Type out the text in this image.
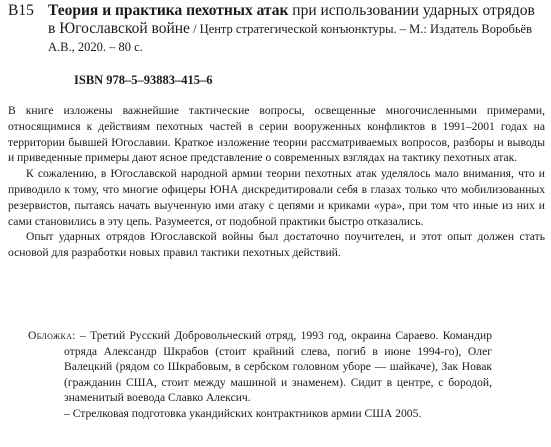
В15 Теория и практика пехотных атак при использовании ударных отрядов в Югославской войне / Центр стратегической конъюнктуры. – М.: Издатель Воробьёв А.В., 2020. – 80 с.
ISBN 978–5–93883–415–6

В книге изложены важнейшие тактические вопросы, освещенные многочисленными примерами, относящимися к действиям пехотных частей в серии вооруженных конфликтов в 1991–2001 годах на территории бывшей Югославии. Краткое изложение теории рассматриваемых вопросов, разборы и выводы и приведенные примеры дают ясное представление о современных взглядах на тактику пехотных атак.

К сожалению, в Югославской народной армии теории пехотных атак уделялось мало внимания, что и приводило к тому, что многие офицеры ЮНА дискредитировали себя в глазах только что мобилизованных резервистов, пытаясь начать выученную ими атаку с цепями и криками «ура», при том что иные из них и сами становились в эту цепь. Разумеется, от подобной практики быстро отказались.

Опыт ударных отрядов Югославской войны был достаточно поучителен, и этот опыт должен стать основой для разработки новых правил тактики пехотных действий.

Обложка: – Третий Русский Добровольческий отряд, 1993 год, окраина Сараево. Командир отряда Александр Шкрабов (стоит крайний слева, погиб в июне 1994-го), Олег Валецкий (рядом со Шкрабовым, в сербском головном уборе — шайкаче), Зак Новак (гражданин США, стоит между машиной и знаменем). Сидит в центре, с бородой, знаменитый воевода Славко Алексич.

– Стрелковая подготовка укандийских контрактников армии США 2005.
